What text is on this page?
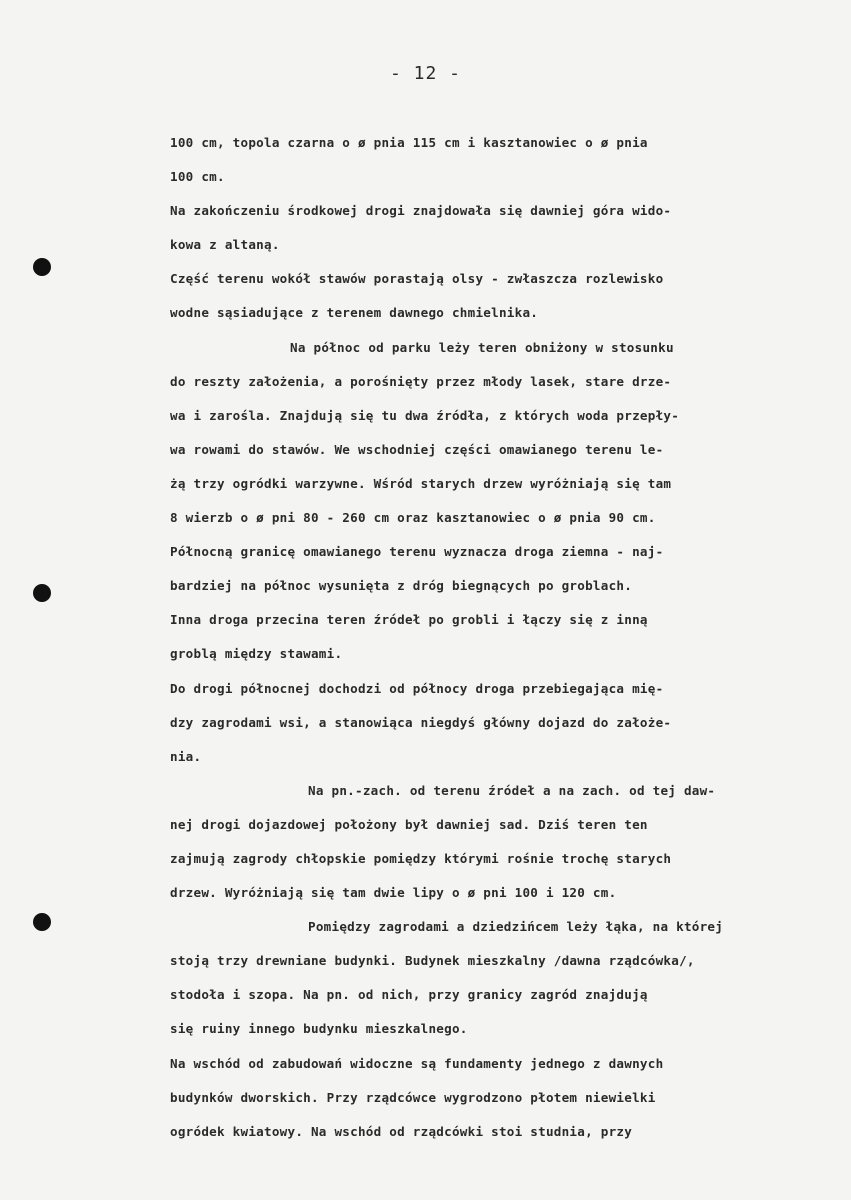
- 12 -
100 cm, topola czarna o ø pnia 115 cm i kasztanowiec o ø pnia
100 cm.
Na zakończeniu środkowej drogi znajdowała się dawniej góra wido-
kowa z altaną.
Część terenu wokół stawów porastają olsy - zwłaszcza rozlewisko
wodne sąsiadujące z terenem dawnego chmielnika.
Na północ od parku leży teren obniżony w stosunku
do reszty założenia, a porośnięty przez młody lasek, stare drze-
wa i zarośla. Znajdują się tu dwa źródła, z których woda przepły-
wa rowami do stawów. We wschodniej części omawianego terenu le-
żą trzy ogródki warzywne. Wśród starych drzew wyróżniają się tam
8 wierzb o ø pni 80 - 260 cm oraz kasztanowiec o ø pnia 90 cm.
Północną granicę omawianego terenu wyznacza droga ziemna - naj-
bardziej na północ wysunięta z dróg biegnących po groblach.
Inna droga przecina teren źródeł po grobli i łączy się z inną
groblą między stawami.
Do drogi północnej dochodzi od północy droga przebiegająca mię-
dzy zagrodami wsi, a stanowiąca niegdyś główny dojazd do założe-
nia.
Na pn.-zach. od terenu źródeł a na zach. od tej daw-
nej drogi dojazdowej położony był dawniej sad. Dziś teren ten
zajmują zagrody chłopskie pomiędzy którymi rośnie trochę starych
drzew. Wyróżniają się tam dwie lipy o ø pni 100 i 120 cm.
Pomiędzy zagrodami a dziedzińcem leży łąka, na której
stoją trzy drewniane budynki. Budynek mieszkalny /dawna rządcówka/,
stodoła i szopa. Na pn. od nich, przy granicy zagród znajdują
się ruiny innego budynku mieszkalnego.
Na wschód od zabudowań widoczne są fundamenty jednego z dawnych
budynków dworskich. Przy rządcówce wygrodzono płotem niewielki
ogródek kwiatowy. Na wschód od rządcówki stoi studnia, przy
